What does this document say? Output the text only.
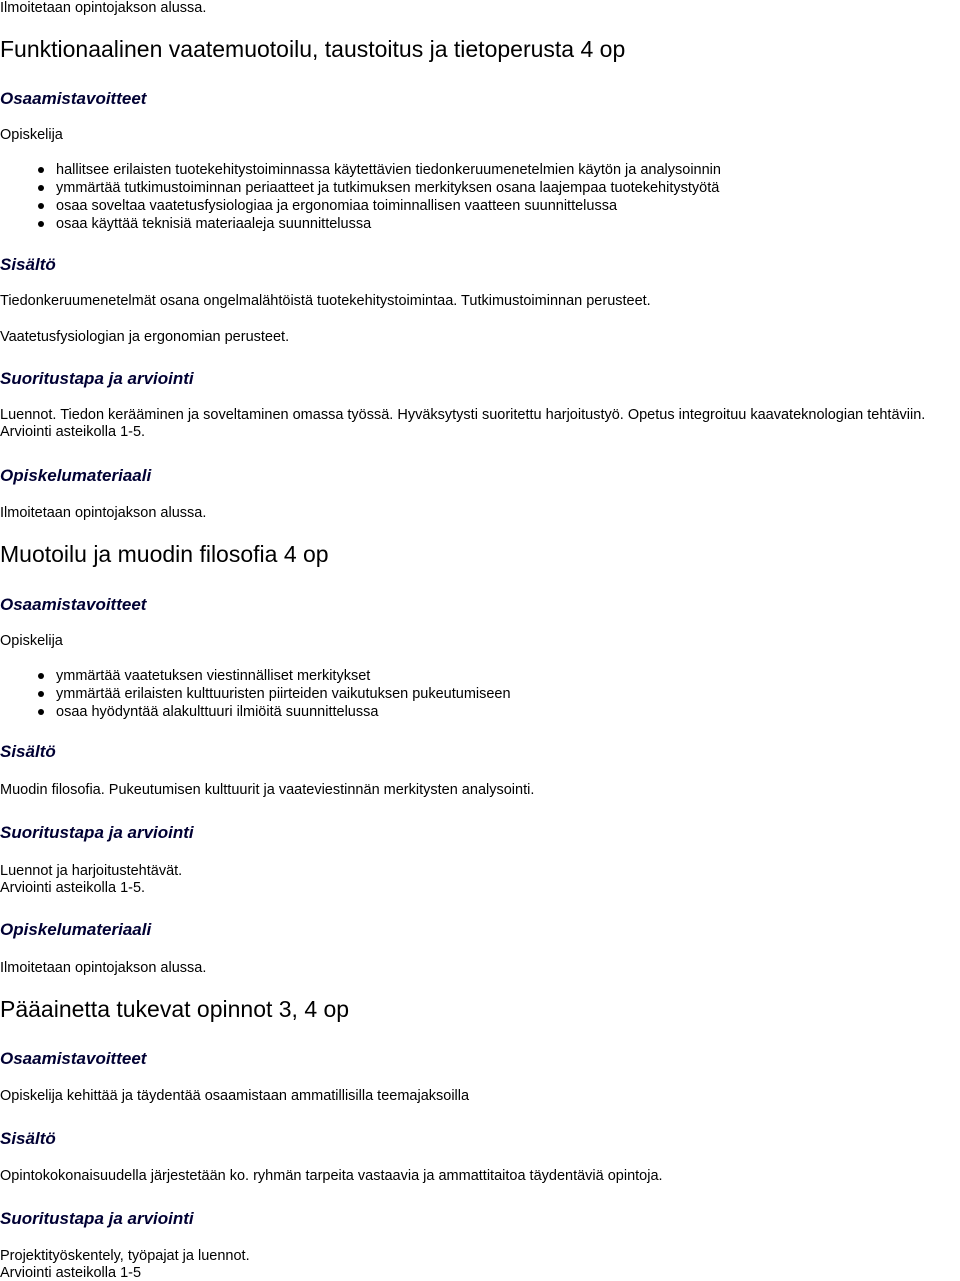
Ilmoitetaan opintojakson alussa.
Funktionaalinen vaatemuotoilu, taustoitus ja tietoperusta 4 op
Osaamistavoitteet
Opiskelija
hallitsee erilaisten tuotekehitystoiminnassa käytettävien tiedonkeruumenetelmien käytön ja analysoinnin
ymmärtää tutkimustoiminnan periaatteet ja tutkimuksen merkityksen osana laajempaa tuotekehitystyötä
osaa soveltaa vaatetusfysiologiaa ja ergonomiaa toiminnallisen vaatteen suunnittelussa
osaa käyttää teknisiä materiaaleja suunnittelussa
Sisältö
Tiedonkeruumenetelmät osana ongelmalähtöistä tuotekehitystoimintaa. Tutkimustoiminnan perusteet.
Vaatetusfysiologian ja ergonomian perusteet.
Suoritustapa ja arviointi
Luennot. Tiedon kerääminen ja soveltaminen omassa työssä. Hyväksytysti suoritettu harjoitustyö. Opetus integroituu kaavateknologian tehtäviin.
Arviointi asteikolla 1-5.
Opiskelumateriaali
Ilmoitetaan opintojakson alussa.
Muotoilu ja muodin filosofia 4 op
Osaamistavoitteet
Opiskelija
ymmärtää vaatetuksen viestinnälliset merkitykset
ymmärtää erilaisten kulttuuristen piirteiden vaikutuksen pukeutumiseen
osaa hyödyntää alakulttuuri ilmiöitä suunnittelussa
Sisältö
Muodin filosofia. Pukeutumisen kulttuurit ja vaateviestinnän merkitysten analysointi.
Suoritustapa ja arviointi
Luennot ja harjoitustehtävät.
Arviointi asteikolla 1-5.
Opiskelumateriaali
Ilmoitetaan opintojakson alussa.
Pääainetta tukevat opinnot 3, 4 op
Osaamistavoitteet
Opiskelija kehittää ja täydentää osaamistaan ammatillisilla teemajaksoilla
Sisältö
Opintokokonaisuudella järjestetään ko. ryhmän tarpeita vastaavia ja ammattitaitoa täydentäviä opintoja.
Suoritustapa ja arviointi
Projektityöskentely, työpajat ja luennot.
Arviointi asteikolla 1-5
